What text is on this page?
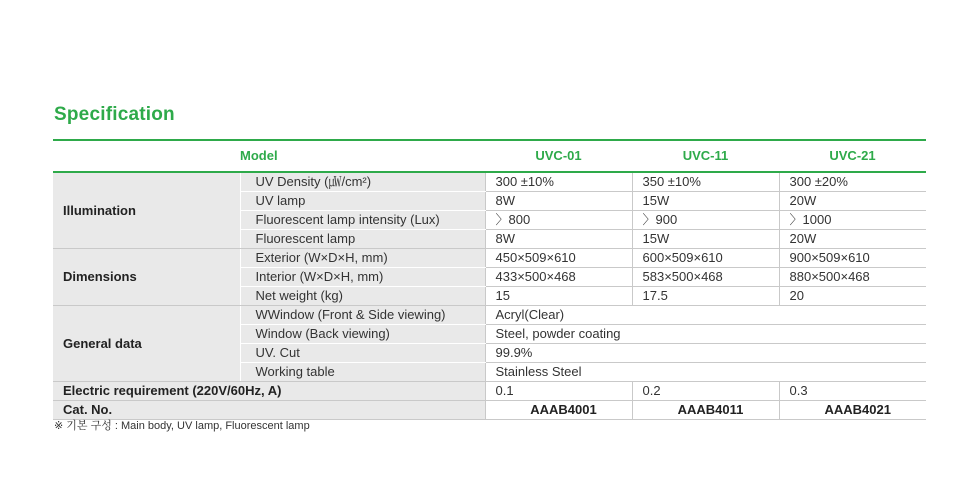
Specification
	Model	UVC-01	UVC-11	UVC-21
Illumination	UV Density (㎼/cm²)	300 ±10%	350 ±10%	300 ±20%
	UV lamp	8W	15W	20W
	Fluorescent lamp intensity (Lux)	〉800	〉900	〉1000
	Fluorescent lamp	8W	15W	20W
Dimensions	Exterior (W×D×H, mm)	450×509×610	600×509×610	900×509×610
	Interior (W×D×H, mm)	433×500×468	583×500×468	880×500×468
	Net weight (kg)	15	17.5	20
General data	WWindow (Front & Side viewing)	Acryl(Clear)		
	Window (Back viewing)	Steel, powder coating		
	UV. Cut	99.9%		
	Working table	Stainless Steel		
Electric requirement (220V/60Hz, A)		0.1	0.2	0.3
Cat. No.		AAAB4001	AAAB4011	AAAB4021
※ 기본 구성 : Main body, UV lamp, Fluorescent lamp
